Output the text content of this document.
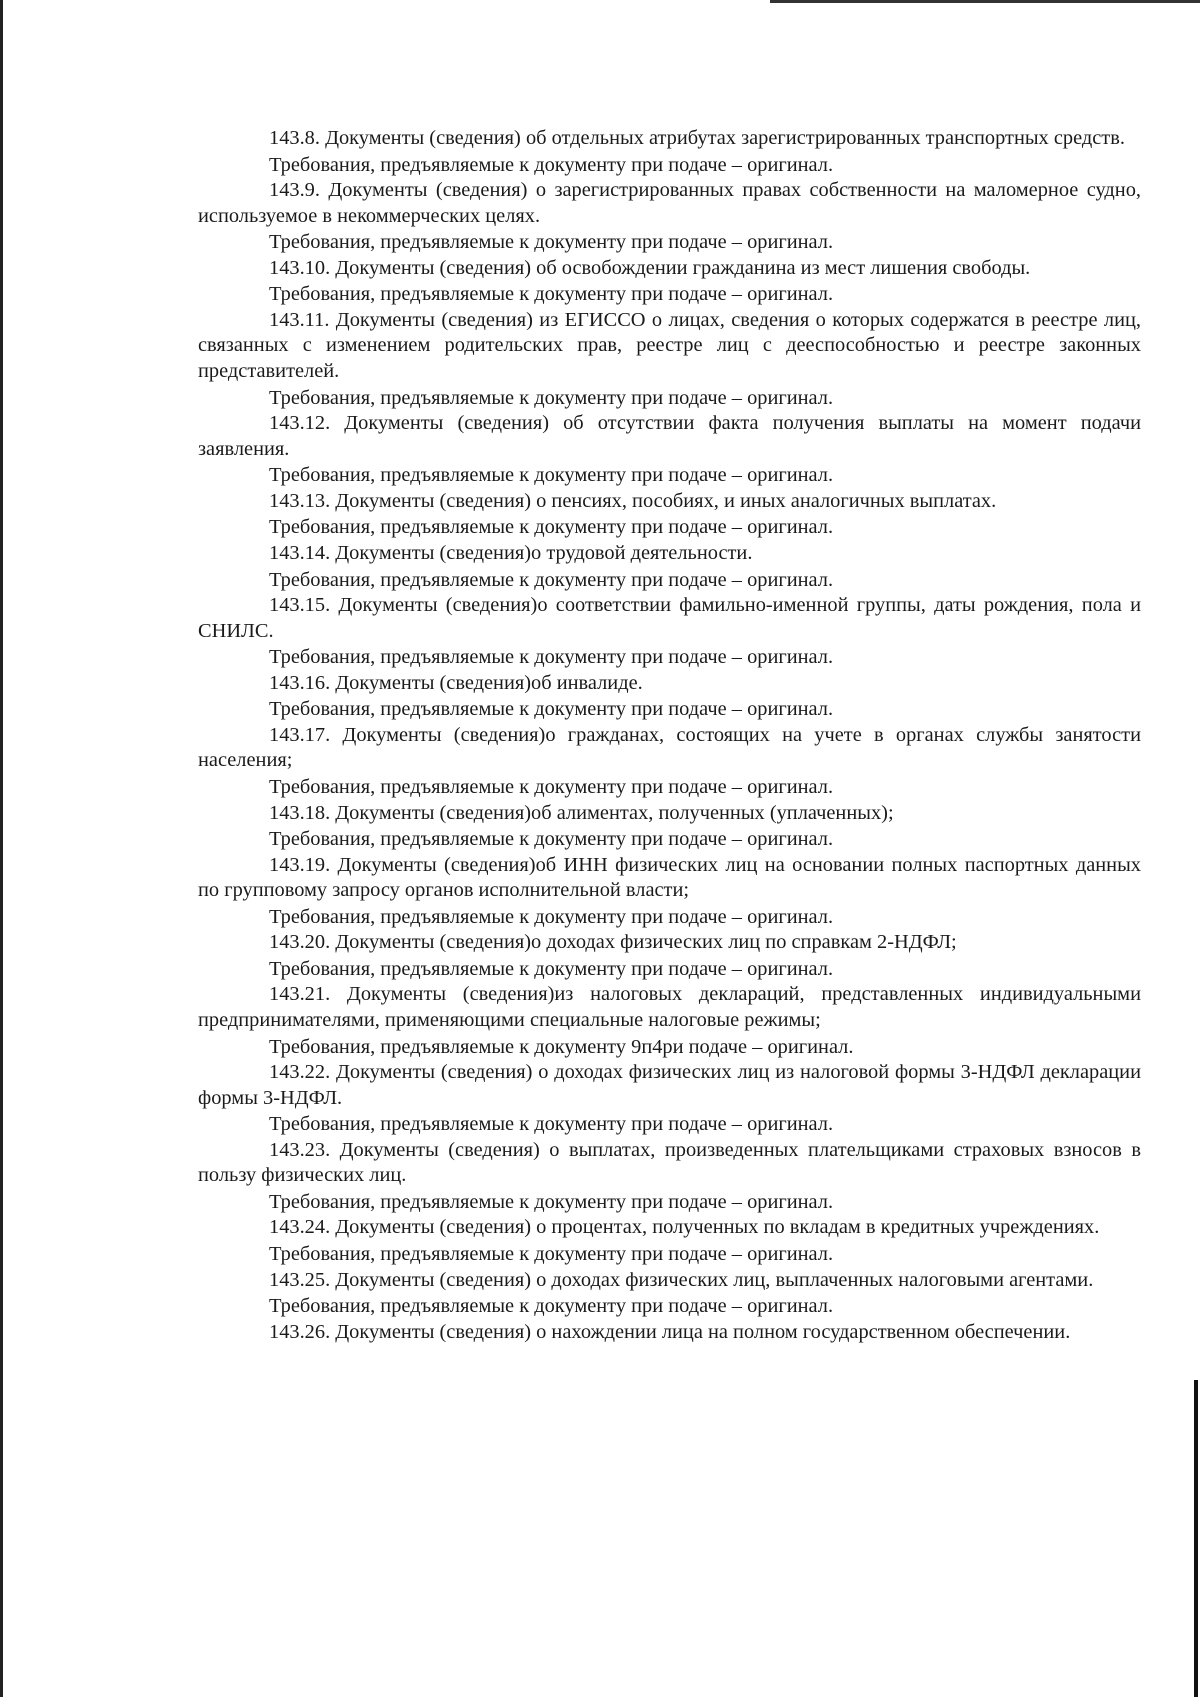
143.8. Документы (сведения) об отдельных атрибутах зарегистрированных транспортных средств.

Требования, предъявляемые к документу при подаче – оригинал.

143.9. Документы (сведения) о зарегистрированных правах собственности на маломерное судно, используемое в некоммерческих целях.

Требования, предъявляемые к документу при подаче – оригинал.

143.10. Документы (сведения) об освобождении гражданина из мест лишения свободы.

Требования, предъявляемые к документу при подаче – оригинал.

143.11. Документы (сведения) из ЕГИССО о лицах, сведения о которых содержатся в реестре лиц, связанных с изменением родительских прав, реестре лиц с дееспособностью и реестре законных представителей.

Требования, предъявляемые к документу при подаче – оригинал.

143.12. Документы (сведения) об отсутствии факта получения выплаты на момент подачи заявления.

Требования, предъявляемые к документу при подаче – оригинал.

143.13. Документы (сведения) о пенсиях, пособиях, и иных аналогичных выплатах.

Требования, предъявляемые к документу при подаче – оригинал.

143.14. Документы (сведения)о трудовой деятельности.

Требования, предъявляемые к документу при подаче – оригинал.

143.15. Документы (сведения)о соответствии фамильно-именной группы, даты рождения, пола и СНИЛС.

Требования, предъявляемые к документу при подаче – оригинал.

143.16. Документы (сведения)об инвалиде.

Требования, предъявляемые к документу при подаче – оригинал.

143.17. Документы (сведения)о гражданах, состоящих на учете в органах службы занятости населения;

Требования, предъявляемые к документу при подаче – оригинал.

143.18. Документы (сведения)об алиментах, полученных (уплаченных);

Требования, предъявляемые к документу при подаче – оригинал.

143.19. Документы (сведения)об ИНН физических лиц на основании полных паспортных данных по групповому запросу органов исполнительной власти;

Требования, предъявляемые к документу при подаче – оригинал.

143.20. Документы (сведения)о доходах физических лиц по справкам 2-НДФЛ;

Требования, предъявляемые к документу при подаче – оригинал.

143.21. Документы (сведения)из налоговых деклараций, представленных индивидуальными предпринимателями, применяющими специальные налоговые режимы;

Требования, предъявляемые к документу 9п4ри подаче – оригинал.

143.22. Документы (сведения) о доходах физических лиц из налоговой формы 3-НДФЛ декларации формы 3-НДФЛ.

Требования, предъявляемые к документу при подаче – оригинал.

143.23. Документы (сведения) о выплатах, произведенных плательщиками страховых взносов в пользу физических лиц.

Требования, предъявляемые к документу при подаче – оригинал.

143.24. Документы (сведения) о процентах, полученных по вкладам в кредитных учреждениях.

Требования, предъявляемые к документу при подаче – оригинал.

143.25. Документы (сведения) о доходах физических лиц, выплаченных налоговыми агентами.

Требования, предъявляемые к документу при подаче – оригинал.

143.26. Документы (сведения) о нахождении лица на полном государственном обеспечении.
